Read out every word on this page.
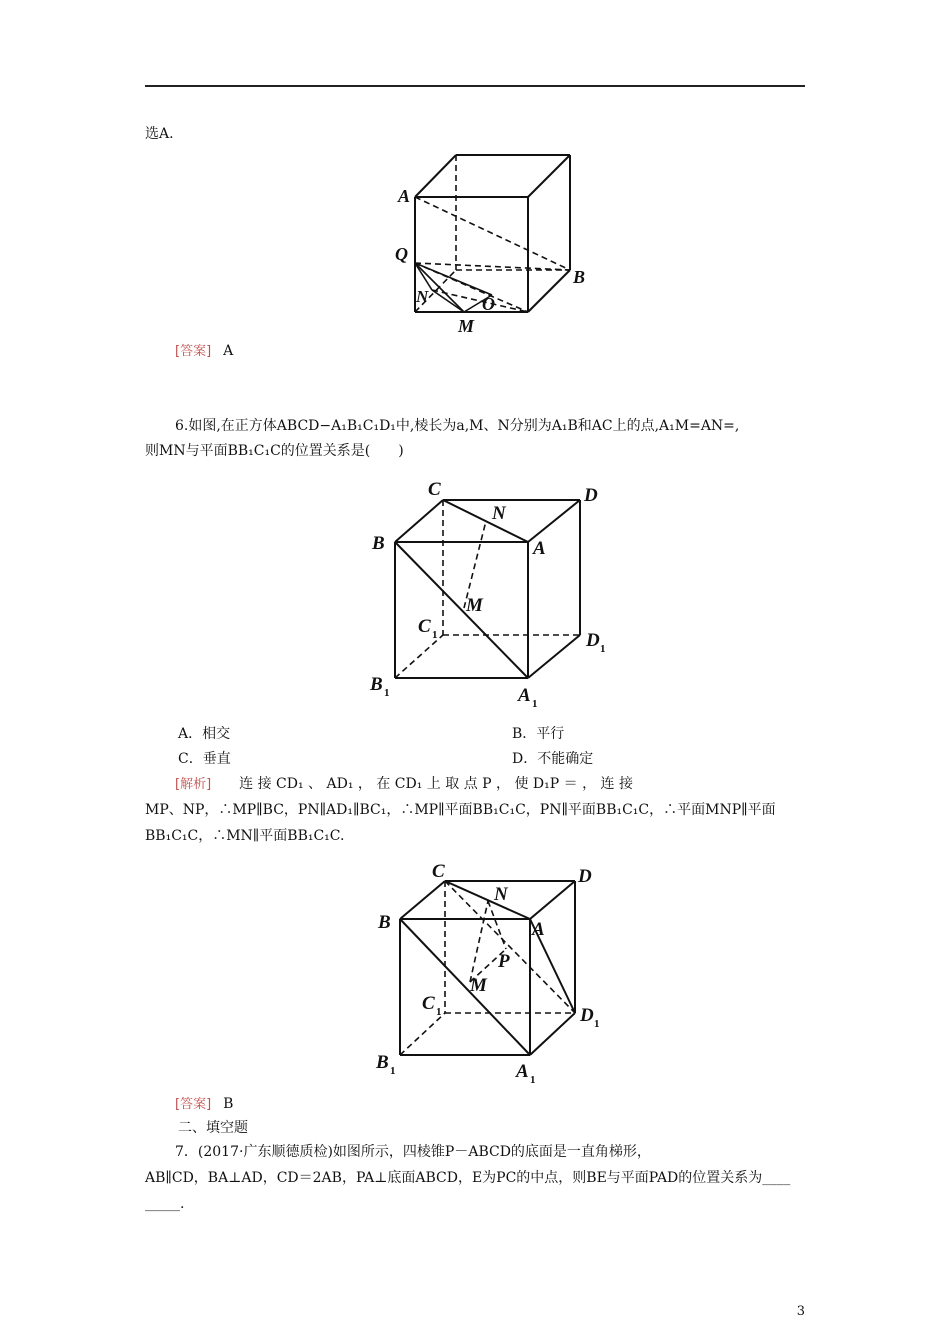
选A.
A
B
Q
N	O
M
[答案] A
6.如图,在正方体ABCD−A₁B₁C₁D₁中,棱长为a,M、N分别为A₁B和AC上的点,A₁M=AN=,
则MN与平面BB₁C₁C的位置关系是(　　)
C	D
N
B	A
M
C 1	D 1
B 1	A 1
A．相交	B．平行
C．垂直	D．不能确定
[解析] 连 接 CD₁ 、 AD₁ ， 在 CD₁ 上 取 点 P ， 使 D₁P ＝ ， 连 接
MP、NP，∴MP∥BC，PN∥AD₁∥BC₁，∴MP∥平面BB₁C₁C，PN∥平面BB₁C₁C，∴平面MNP∥平面
BB₁C₁C，∴MN∥平面BB₁C₁C.
C	D
N
B	A
P
M
C 1	D 1
B 1	A 1
[答案] B
二、填空题
7．(2017·广东顺德质检)如图所示，四棱锥P－ABCD的底面是一直角梯形，
AB∥CD，BA⊥AD，CD＝2AB，PA⊥底面ABCD，E为PC的中点，则BE与平面PAD的位置关系为____
_____.
3
